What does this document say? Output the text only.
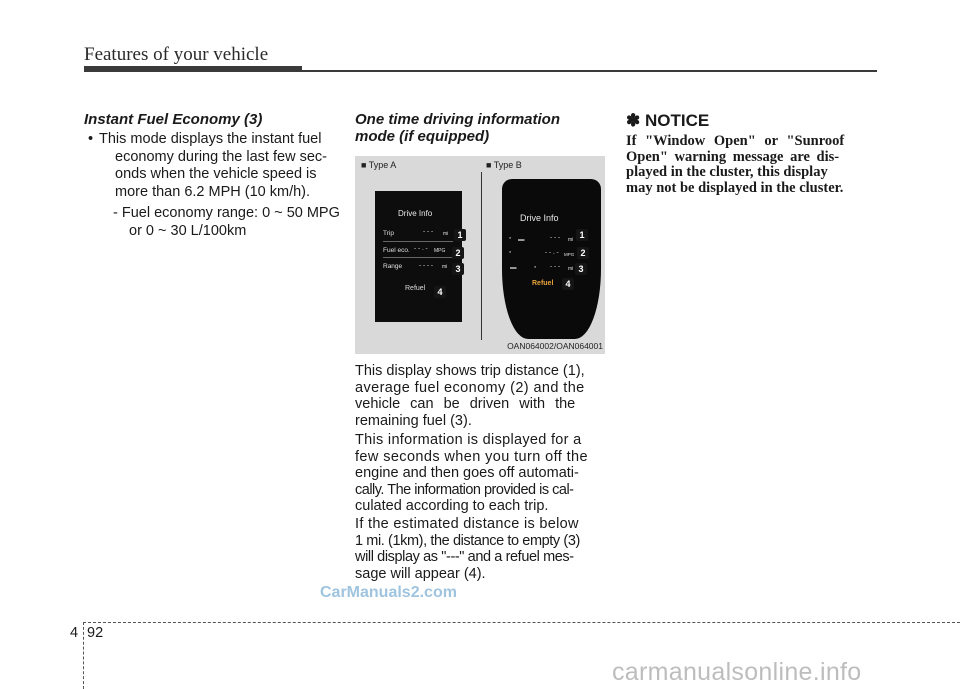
Features of your vehicle
Instant Fuel Economy (3)
• This mode displays the instant fuel
economy during the last few sec-
onds when the vehicle speed is
more than 6.2 MPH (10 km/h).
- Fuel economy range: 0 ~ 50 MPG
or 0 ~ 30 L/100km
One time driving information
mode (if equipped)
■ Type A	■ Type B
Drive Info
Trip	- - - mi
Fuel eco. - - . - MPG
Range	- - - - mi
Refuel
1
2
3
4
Drive Info
▪ ▬	- - - mi
▪	- - . - MPG
▬	▪ - - - mi
Refuel
1
2
3
4
OAN064002/OAN064001
This display shows trip distance (1),
average fuel economy (2) and the
vehicle can be driven with the
remaining fuel (3).
This information is displayed for a
few seconds when you turn off the
engine and then goes off automati-
cally. The information provided is cal-
culated according to each trip.
If the estimated distance is below
1 mi. (1km), the distance to empty (3)
will display as "---" and a refuel mes-
sage will appear (4).
✽ NOTICE
If "Window Open" or "Sunroof
Open" warning message are dis-
played in the cluster, this display
may not be displayed in the cluster.
CarManuals2.com
4 92
carmanualsonline.info
